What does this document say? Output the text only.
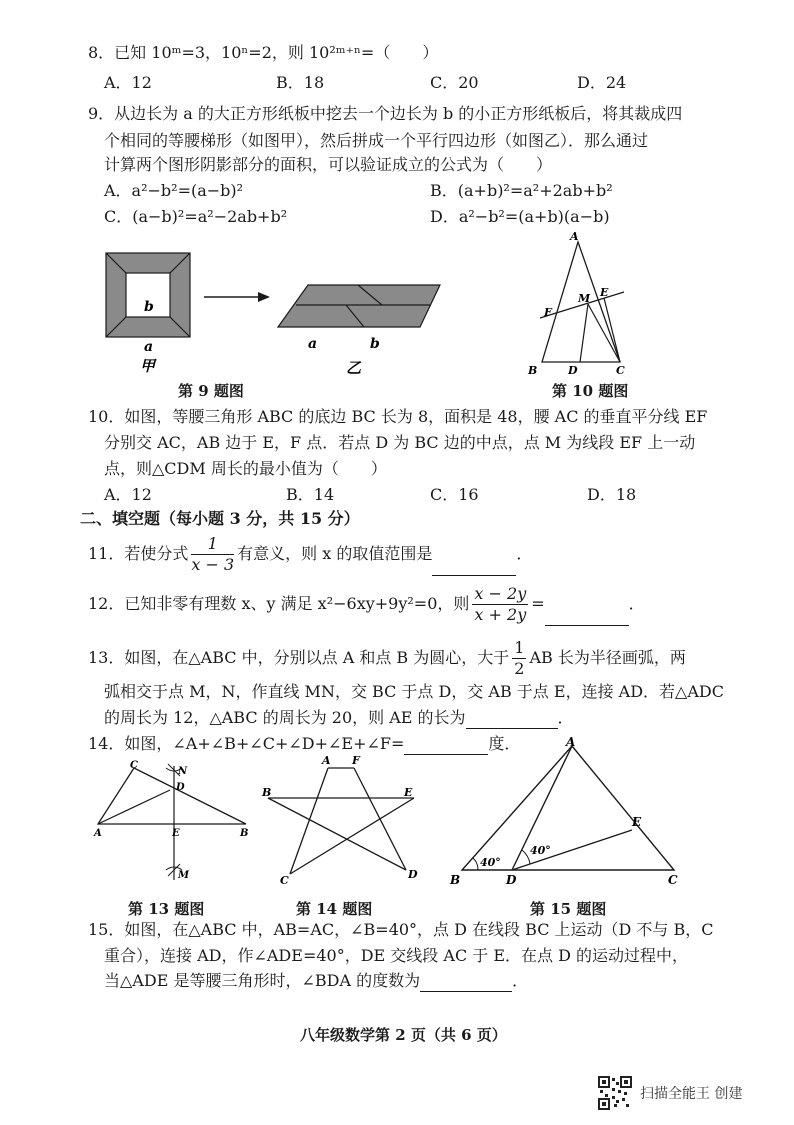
8．已知 10ᵐ=3，10ⁿ=2，则 10²ᵐ⁺ⁿ=（　　）
A．12	B．18	C．20	D．24
9．从边长为 a 的大正方形纸板中挖去一个边长为 b 的小正方形纸板后，将其裁成四
个相同的等腰梯形（如图甲），然后拼成一个平行四边形（如图乙）．那么通过
计算两个图形阴影部分的面积，可以验证成立的公式为（　　）
A．a²−b²=(a−b)²	B．(a+b)²=a²+2ab+b²
C．(a−b)²=a²−2ab+b²	D．a²−b²=(a+b)(a−b)
b
a
甲
a	b
乙
第 9 题图
A
B	C
D
E
F
M
第 10 题图
10．如图，等腰三角形 ABC 的底边 BC 长为 8，面积是 48，腰 AC 的垂直平分线 EF
分别交 AC，AB 边于 E，F 点．若点 D 为 BC 边的中点，点 M 为线段 EF 上一动
点，则△CDM 周长的最小值为（　　）
A．12	B．14	C．16	D．18
二、填空题（每小题 3 分，共 15 分）
11．若使分式 $\frac{1}{x - 3}$ 有意义，则 x 的取值范围是	．
12．已知非零有理数 x、y 满足 x²−6xy+9y²=0，则 $\frac{x - 2y}{x + 2y}$ =	．
13．如图，在△ABC 中，分别以点 A 和点 B 为圆心，大于 $\frac{1}{2}$ AB 长为半径画弧，两
弧相交于点 M，N，作直线 MN，交 BC 于点 D，交 AB 于点 E，连接 AD．若△ADC
的周长为 12，△ABC 的周长为 20，则 AE 的长为	．
14．如图，∠A+∠B+∠C+∠D+∠E+∠F=	度．
C
N
D
A	E	B
M
第 13 题图
A F
B	E
C	D
第 14 题图
A
E
B	D	C
40°
40°
第 15 题图
15．如图，在△ABC 中，AB=AC，∠B=40°，点 D 在线段 BC 上运动（D 不与 B，C
重合），连接 AD，作∠ADE=40°，DE 交线段 AC 于 E．在点 D 的运动过程中，
当△ADE 是等腰三角形时，∠BDA 的度数为	．
八年级数学第 2 页（共 6 页）
扫描全能王 创建
